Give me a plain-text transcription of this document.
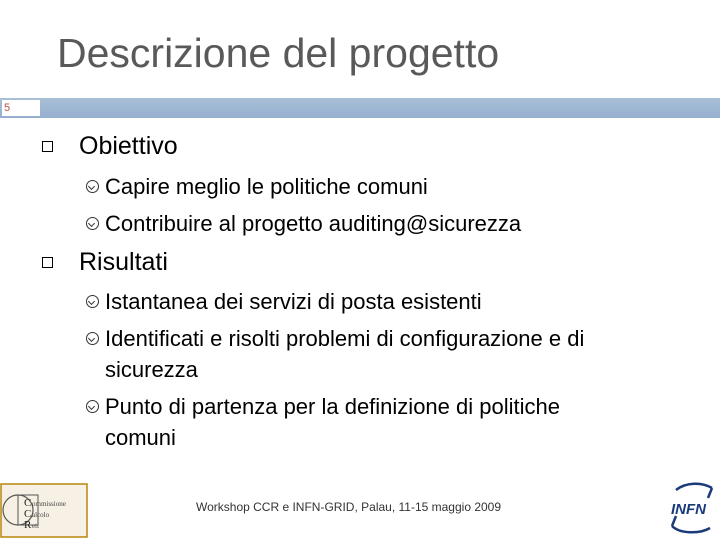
Descrizione del progetto
5
Obiettivo
Capire meglio le politiche comuni
Contribuire al progetto auditing@sicurezza
Risultati
Istantanea dei servizi di posta esistenti
Identificati e risolti problemi di configurazione e di
sicurezza
Punto di partenza per la definizione di politiche
comuni
Workshop CCR e INFN-GRID, Palau, 11-15 maggio 2009
C
C
R
ommissione
alcolo
eti
INFN
